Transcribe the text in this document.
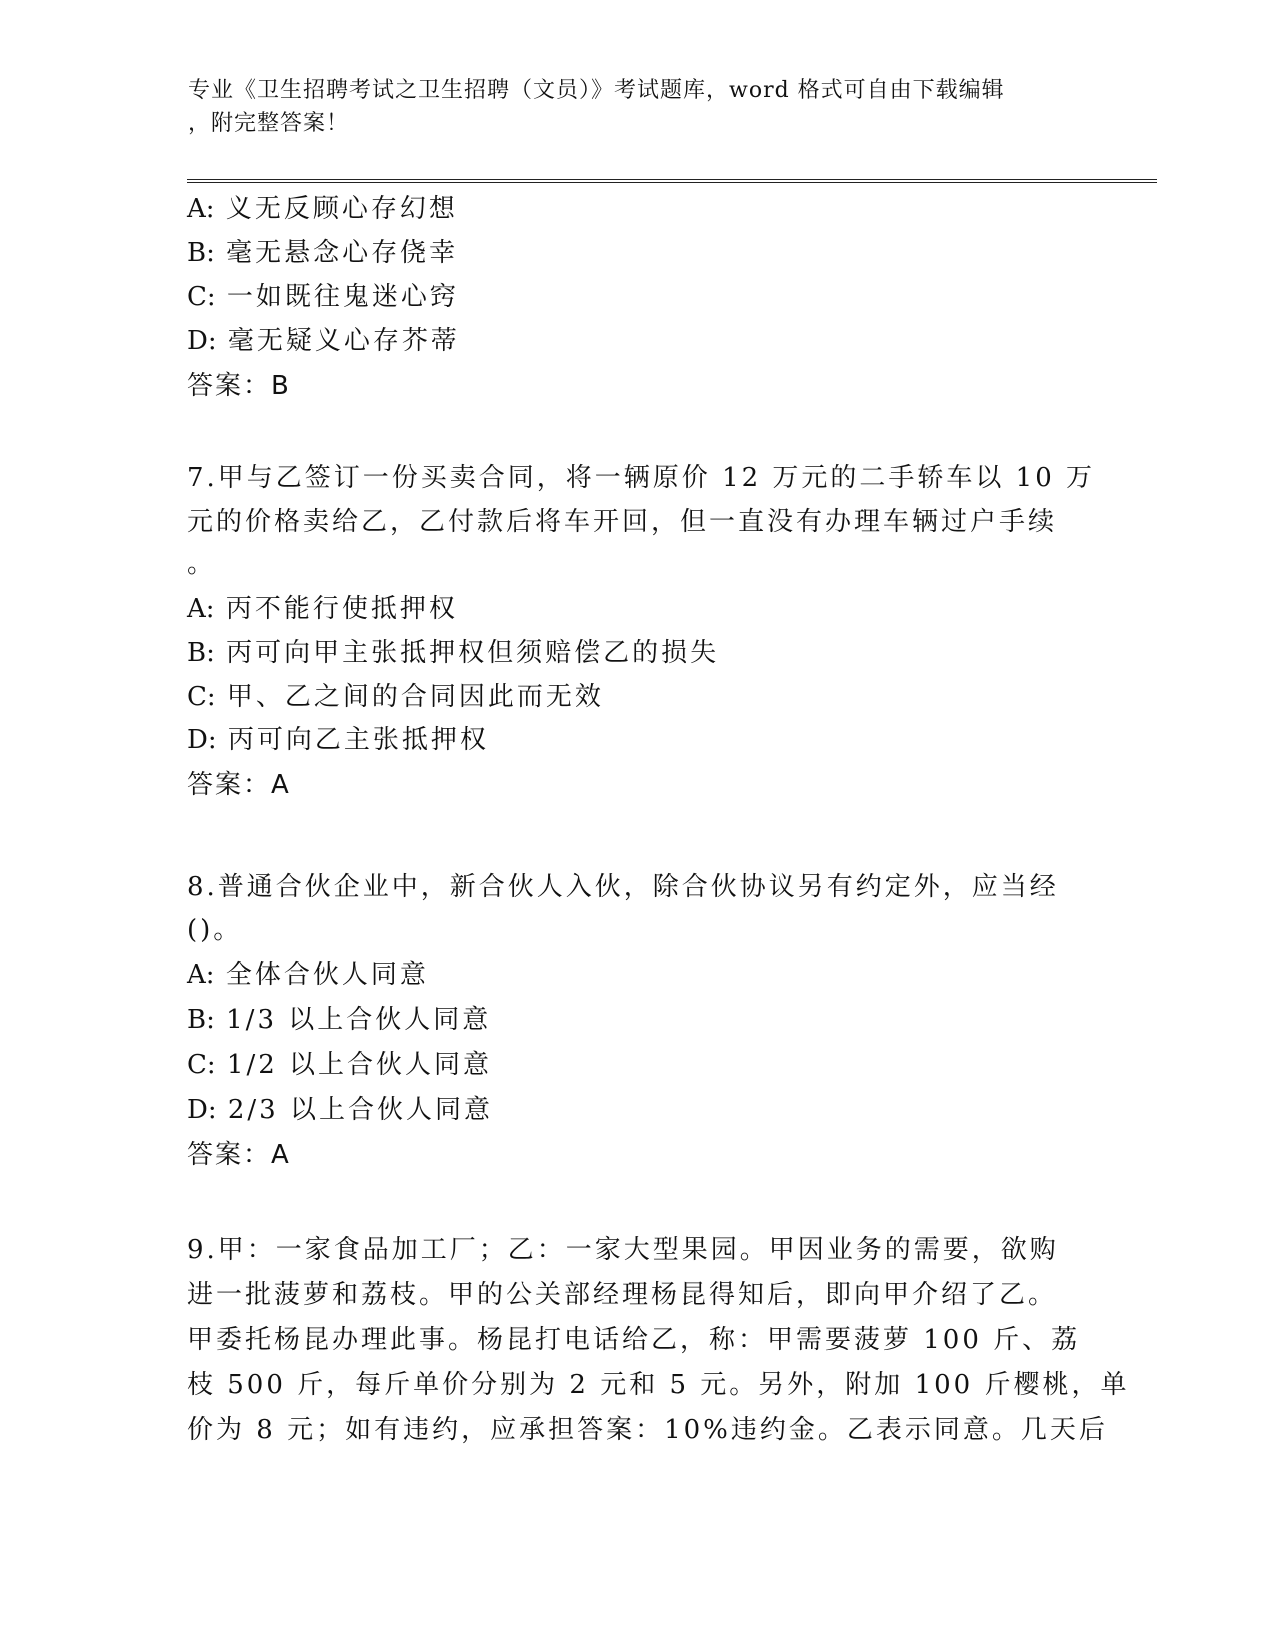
专业《卫生招聘考试之卫生招聘（文员）》考试题库，word 格式可自由下载编辑
，附完整答案！
A: 义无反顾心存幻想
B: 毫无悬念心存侥幸
C: 一如既往鬼迷心窍
D: 毫无疑义心存芥蒂
答案：B
7.甲与乙签订一份买卖合同，将一辆原价 12 万元的二手轿车以 10 万
元的价格卖给乙，乙付款后将车开回，但一直没有办理车辆过户手续
。
A: 丙不能行使抵押权
B: 丙可向甲主张抵押权但须赔偿乙的损失
C: 甲、乙之间的合同因此而无效
D: 丙可向乙主张抵押权
答案：A
8.普通合伙企业中，新合伙人入伙，除合伙协议另有约定外，应当经
()。
A: 全体合伙人同意
B: 1/3 以上合伙人同意
C: 1/2 以上合伙人同意
D: 2/3 以上合伙人同意
答案：A
9.甲：一家食品加工厂；乙：一家大型果园。甲因业务的需要，欲购
进一批菠萝和荔枝。甲的公关部经理杨昆得知后，即向甲介绍了乙。
甲委托杨昆办理此事。杨昆打电话给乙，称：甲需要菠萝 100 斤、荔
枝 500 斤，每斤单价分别为 2 元和 5 元。另外，附加 100 斤樱桃，单
价为 8 元；如有违约，应承担答案：10%违约金。乙表示同意。几天后
